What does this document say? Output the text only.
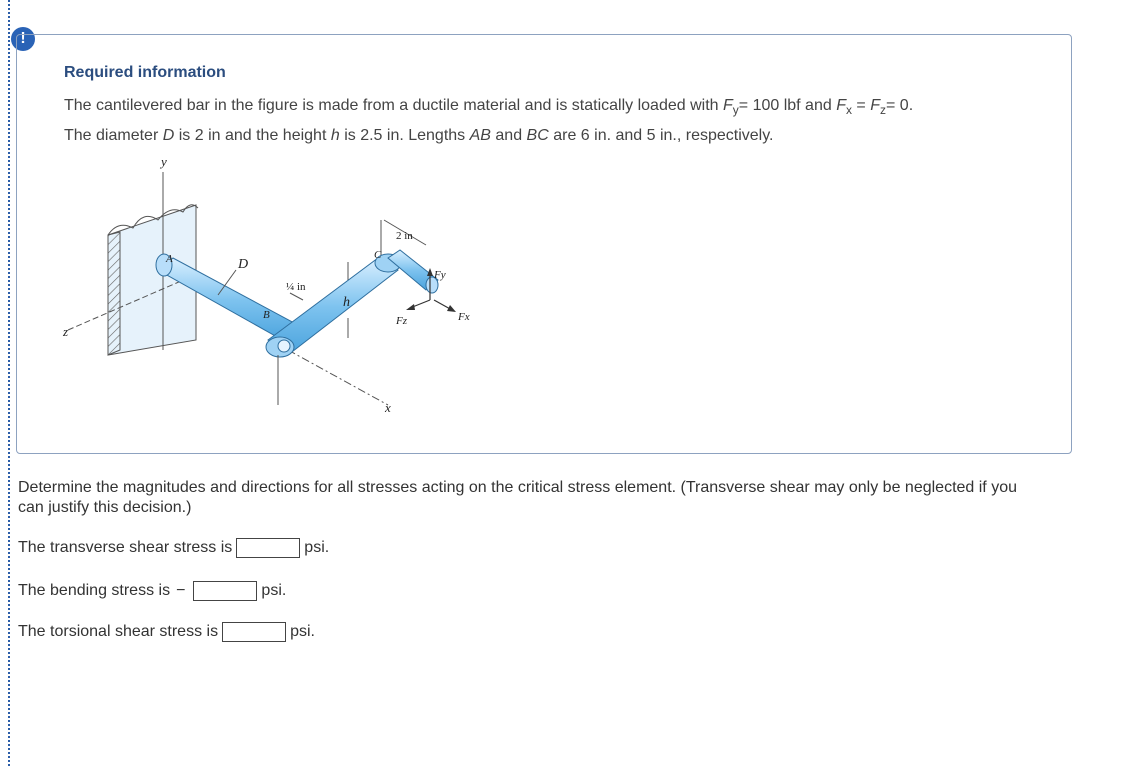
!
Required information
The cantilevered bar in the figure is made from a ductile material and is statically loaded with $F_y= 100$ lbf and $F_x = F_z= 0$.
The diameter D is 2 in and the height h is 2.5 in. Lengths AB and BC are 6 in. and 5 in., respectively.
y
z
x
A
B
C
D
h
¼ in
2 in
Fy
Fz	Fx
Determine the magnitudes and directions for all stresses acting on the critical stress element. (Transverse shear may only be neglected if you can justify this decision.)
The transverse shear stress is	psi.
The bending stress is −	psi.
The torsional shear stress is	psi.
